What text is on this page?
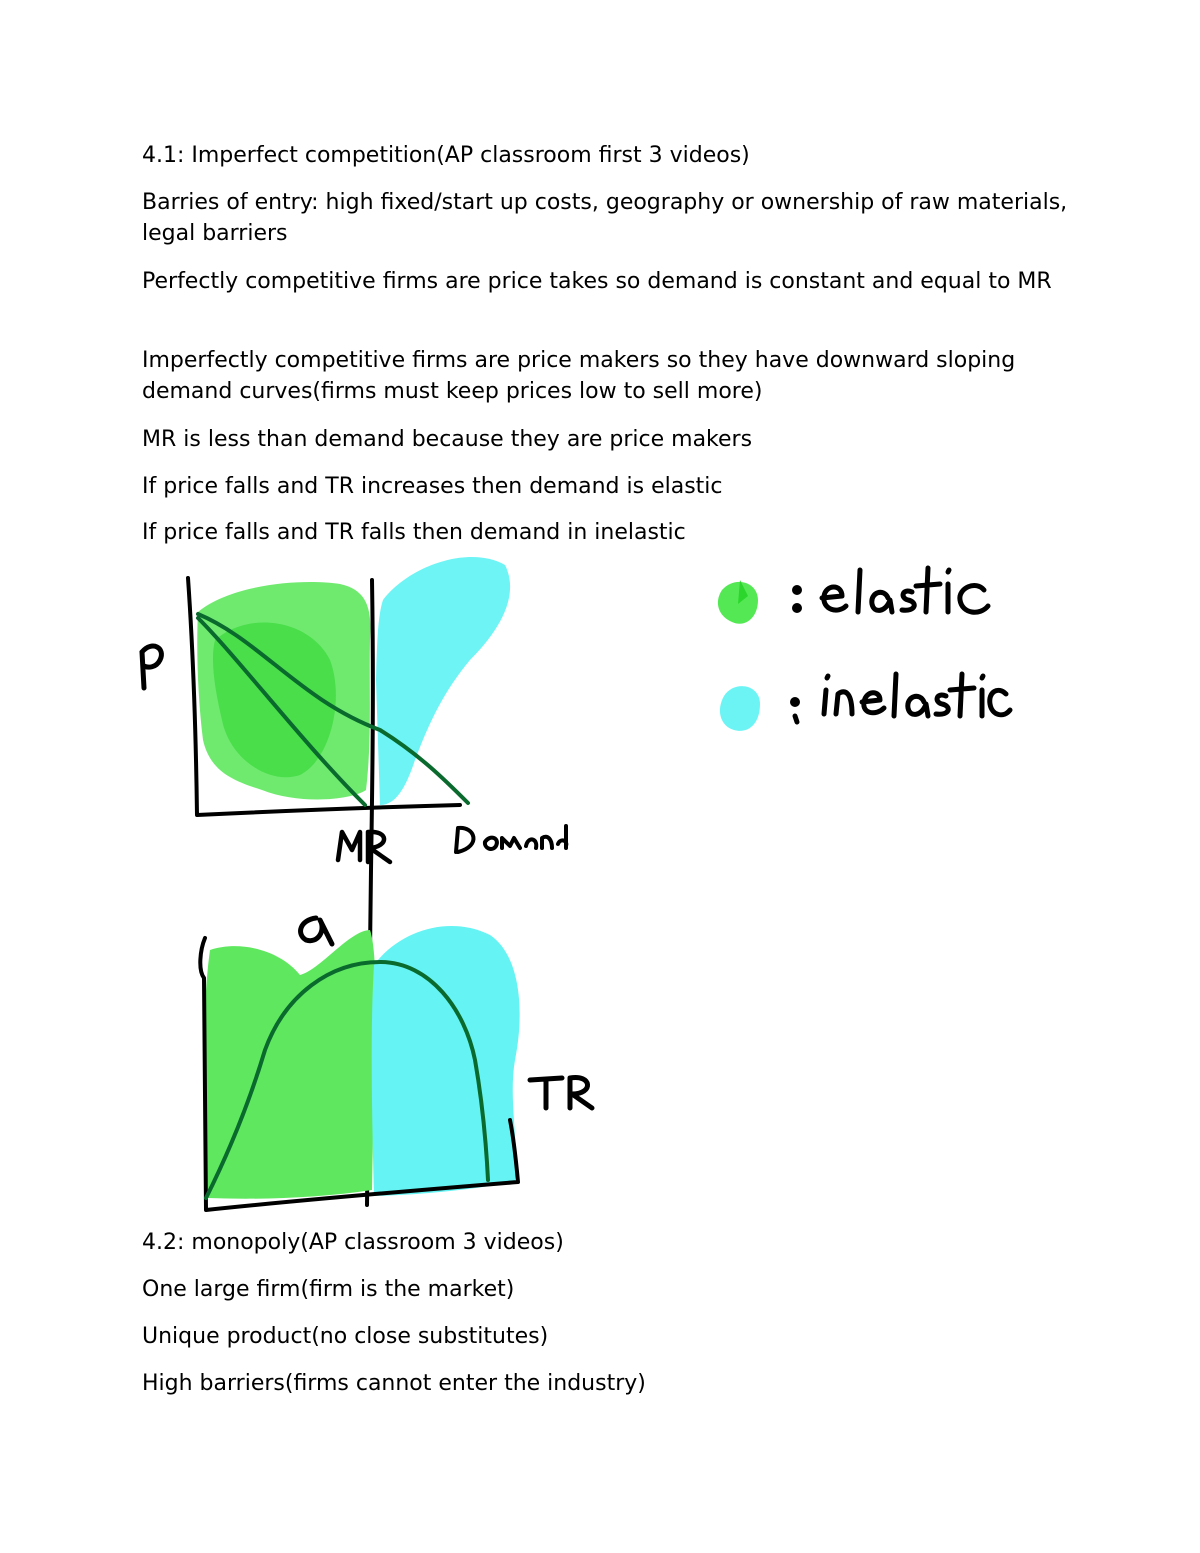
4.1: Imperfect competition(AP classroom first 3 videos)

Barries of entry: high fixed/start up costs, geography or ownership of raw materials, legal barriers

Perfectly competitive firms are price takes so demand is constant and equal to MR

Imperfectly competitive firms are price makers so they have downward sloping demand curves(firms must keep prices low to sell more)

MR is less than demand because they are price makers

If price falls and TR increases then demand is elastic

If price falls and TR falls then demand in inelastic

4.2: monopoly(AP classroom 3 videos)

One large firm(firm is the market)

Unique product(no close substitutes)

High barriers(firms cannot enter the industry)
